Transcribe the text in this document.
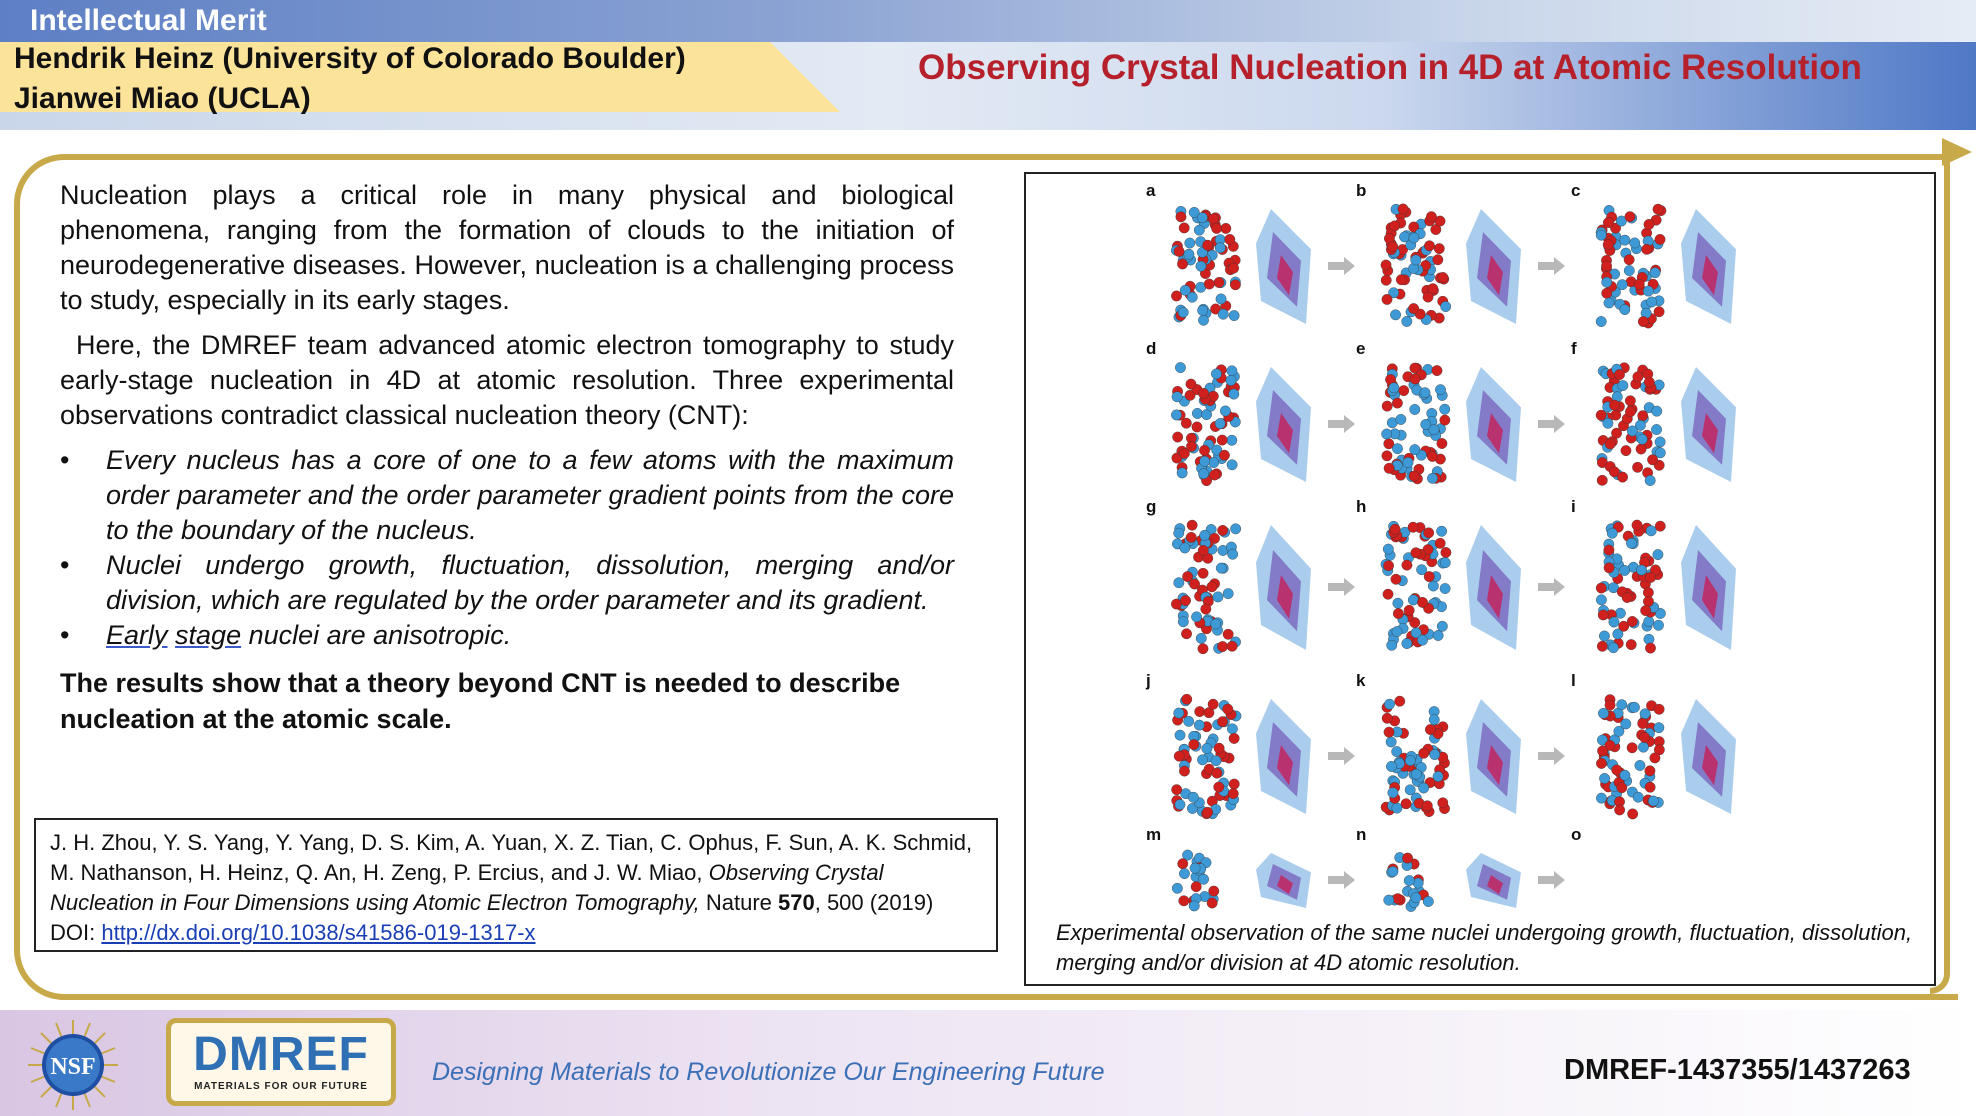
Intellectual Merit
Hendrik Heinz (University of Colorado Boulder)
Jianwei Miao (UCLA)
Observing Crystal Nucleation in 4D at Atomic Resolution

Nucleation plays a critical role in many physical and biological phenomena, ranging from the formation of clouds to the initiation of neurodegenerative diseases. However, nucleation is a challenging process to study, especially in its early stages.

Here, the DMREF team advanced atomic electron tomography to study early-stage nucleation in 4D at atomic resolution. Three experimental observations contradict classical nucleation theory (CNT):

• Every nucleus has a core of one to a few atoms with the maximum order parameter and the order parameter gradient points from the core to the boundary of the nucleus.
• Nuclei undergo growth, fluctuation, dissolution, merging and/or division, which are regulated by the order parameter and its gradient.
• Early stage nuclei are anisotropic.
The results show that a theory beyond CNT is needed to describe nucleation at the atomic scale.
J. H. Zhou, Y. S. Yang, Y. Yang, D. S. Kim, A. Yuan, X. Z. Tian, C. Ophus, F. Sun, A. K. Schmid, M. Nathanson, H. Heinz, Q. An, H. Zeng, P. Ercius, and J. W. Miao, Observing Crystal Nucleation in Four Dimensions using Atomic Electron Tomography, Nature 570, 500 (2019) DOI: http://dx.doi.org/10.1038/s41586-019-1317-x
a	b	c
d	e	f
g	h	i
j	k	l
m	n	o
Experimental observation of the same nuclei undergoing growth, fluctuation, dissolution, merging and/or division at 4D atomic resolution.
NSF	DMREF
MATERIALS FOR OUR FUTURE
Designing Materials to Revolutionize Our Engineering Future	DMREF-1437355/1437263
